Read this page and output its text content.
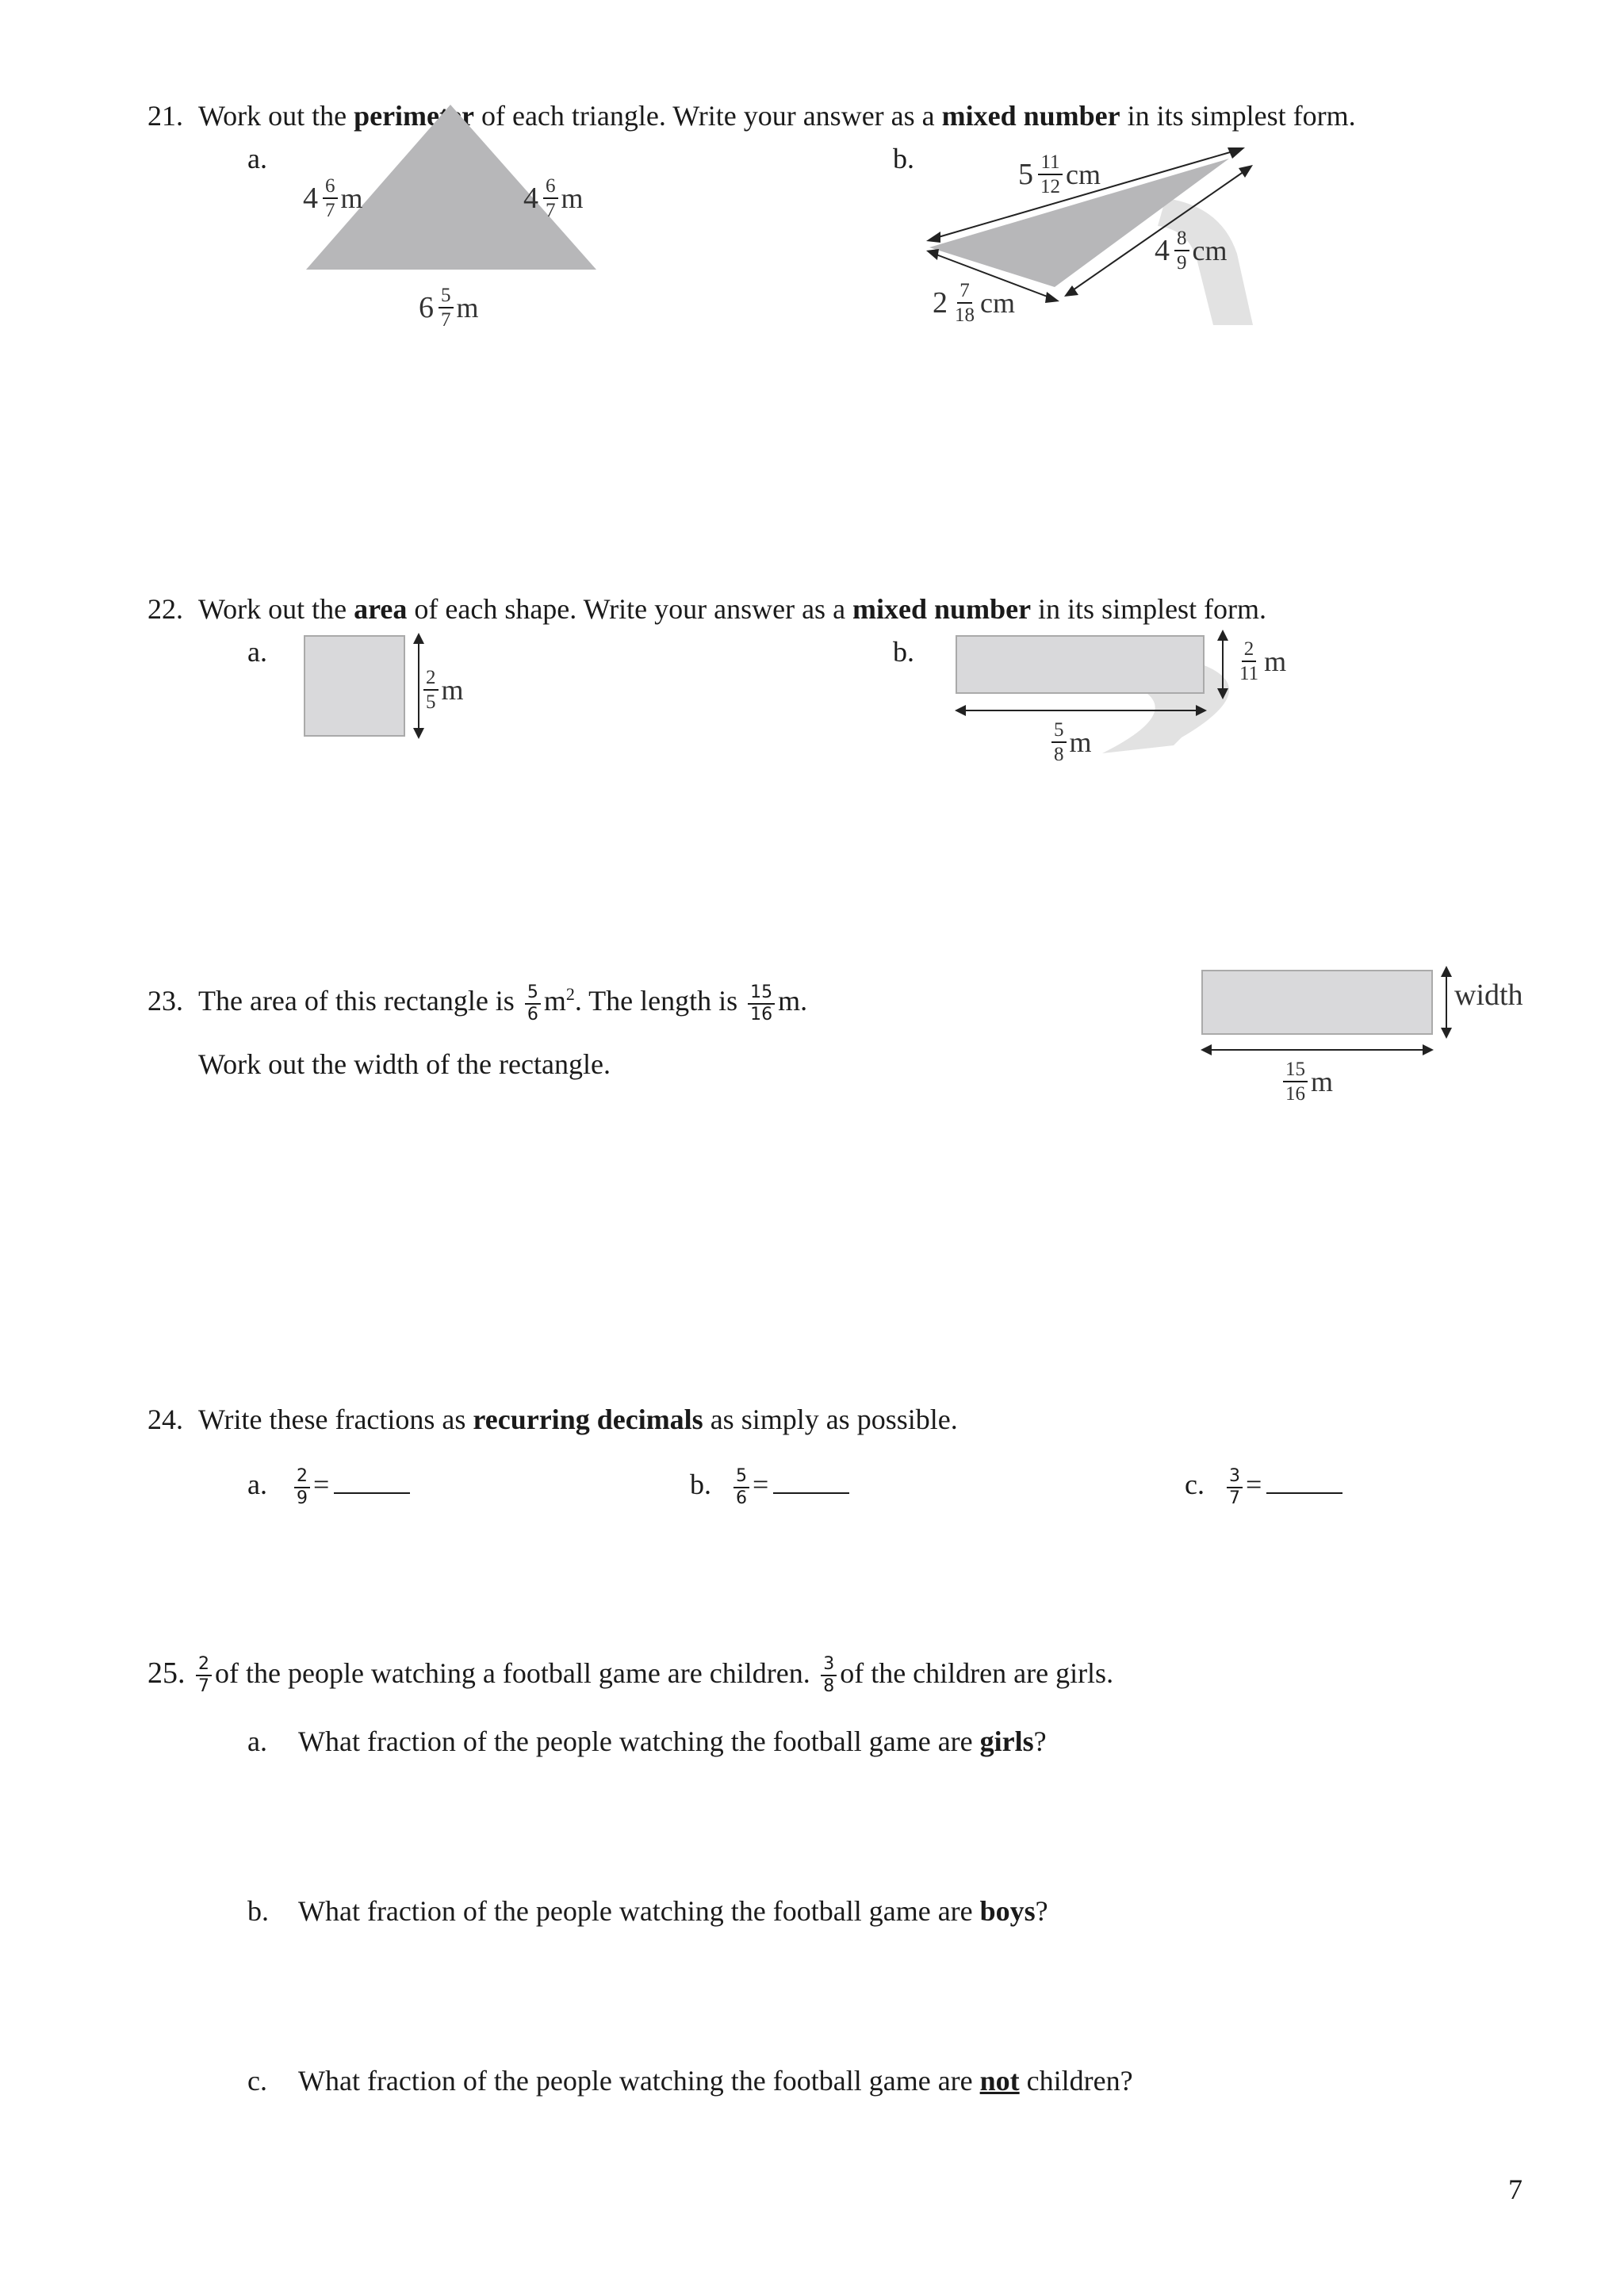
21. Work out the perimeter of each triangle. Write your answer as a mixed number in its simplest form.
a.
$4 \frac{6}{7}$ m	$4 \frac{6}{7}$ m
$6 \frac{5}{7}$ m
b.	$5 \frac{11}{12}$ cm
$4 \frac{8}{9}$ cm
$2 \frac{7}{18}$ cm
22. Work out the area of each shape. Write your answer as a mixed number in its simplest form.
a.
$\frac{2}{5}$ m
b.	$\frac{2}{11}$ m
$\frac{5}{8}$ m
23. The area of this rectangle is $\frac{5}{6} m^2$. The length is $\frac{15}{16} m$.
Work out the width of the rectangle.
width
$\frac{15}{16}$ m
24. Write these fractions as recurring decimals as simply as possible.
a. $\frac{2}{9}$ =	b. $\frac{5}{6}$ =	c. $\frac{3}{7}$ =
25. $\frac{2}{7}$ of the people watching a football game are children. $\frac{3}{8}$ of the children are girls.
a. What fraction of the people watching the football game are girls?
b. What fraction of the people watching the football game are boys?
c. What fraction of the people watching the football game are not children?
7
